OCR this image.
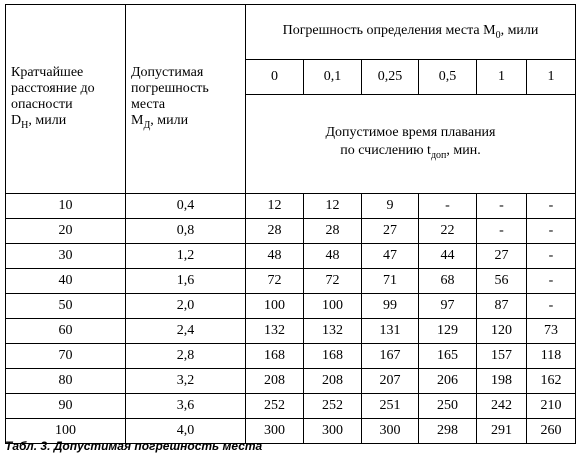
Кратчайшее
расстояние до
опасности
$D_Н$, мили	Допустимая
погрешность
места
$M_Д$, мили	Погрешность определения места $M_0$, мили					
		0	0,1	0,25	0,5	1	1
		Допустимое время плавания
по счислению $t_{доп}$, мин.					
10	0,4	12	12	9	-	-	-
20	0,8	28	28	27	22	-	-
30	1,2	48	48	47	44	27	-
40	1,6	72	72	71	68	56	-
50	2,0	100	100	99	97	87	-
60	2,4	132	132	131	129	120	73
70	2,8	168	168	167	165	157	118
80	3,2	208	208	207	206	198	162
90	3,6	252	252	251	250	242	210
100	4,0	300	300	300	298	291	260
Табл. 3. Допустимая погрешность места
